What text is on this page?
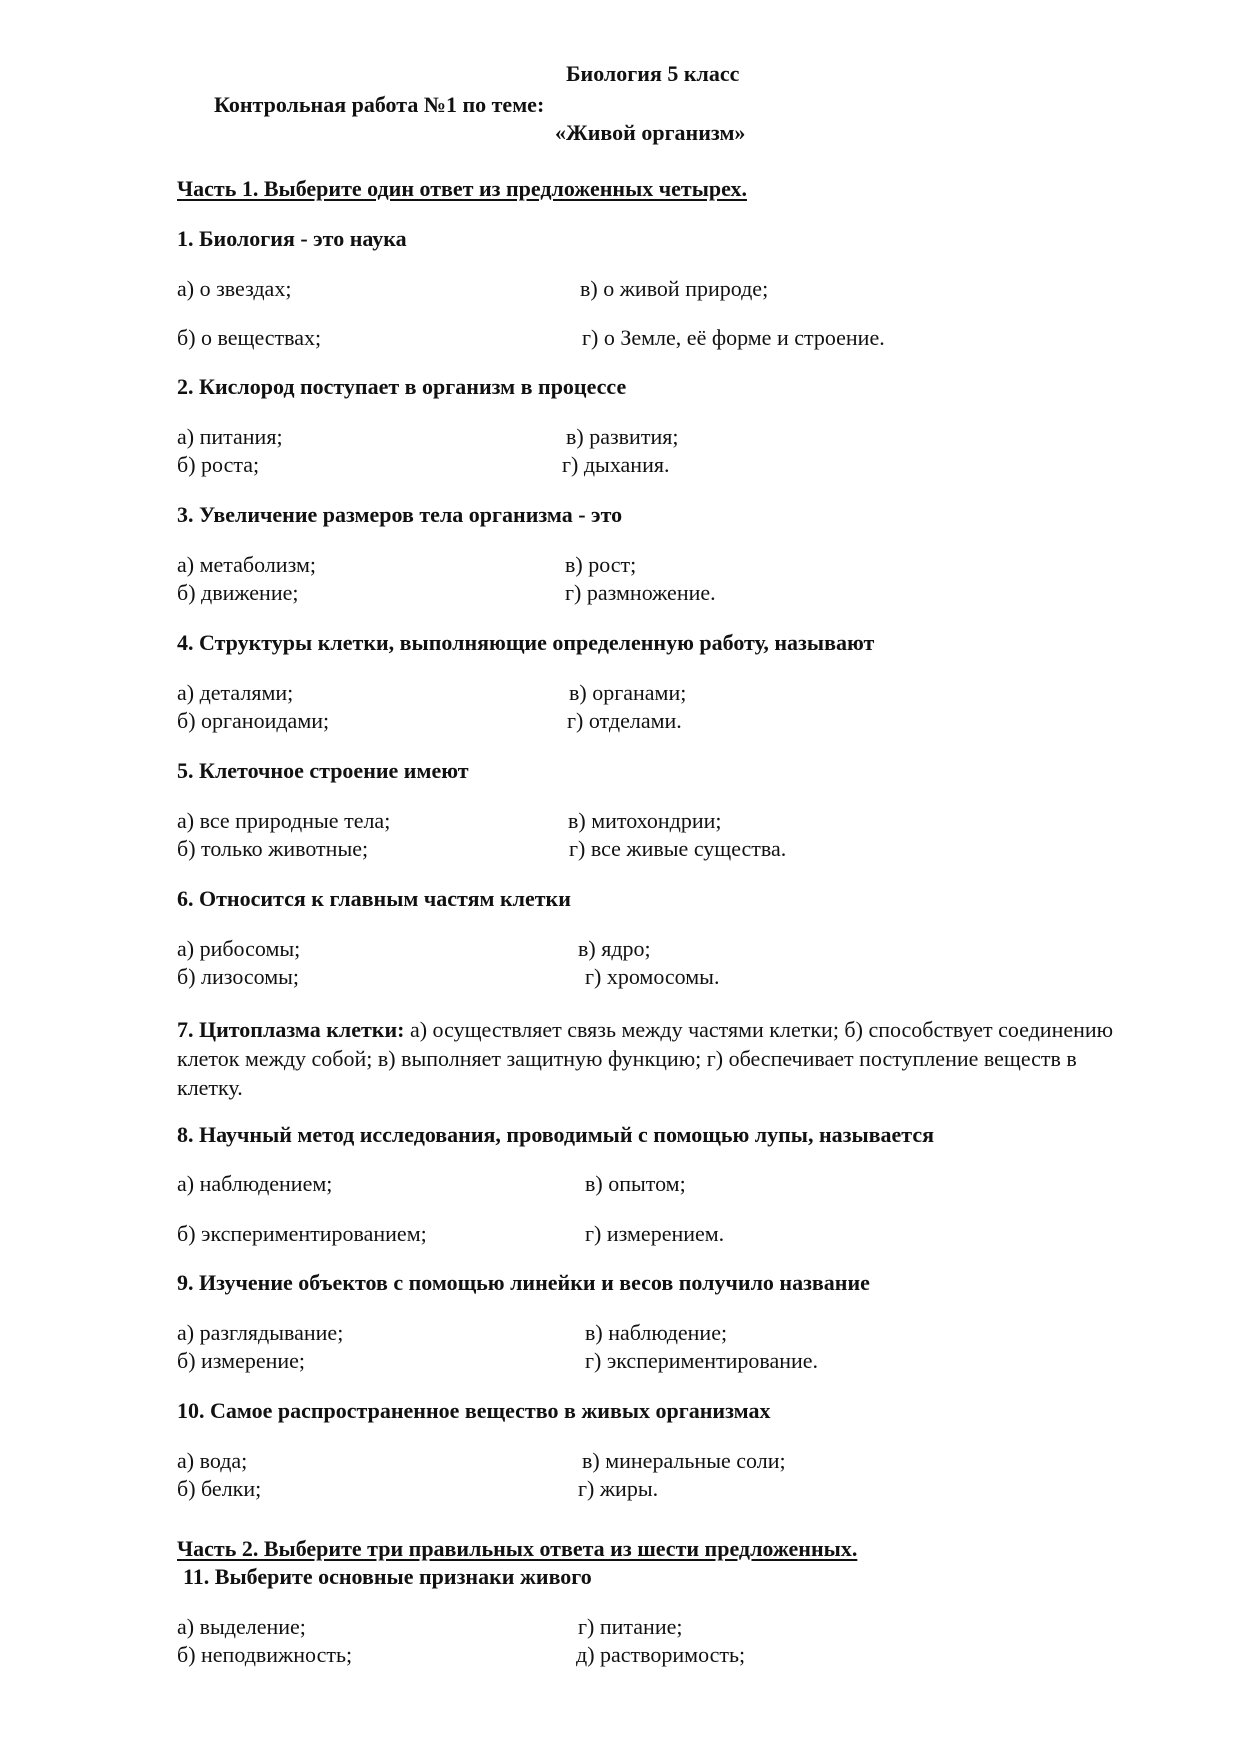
Биология 5 класс
Контрольная работа №1 по теме:
«Живой организм»
Часть 1. Выберите один ответ из предложенных четырех.
1. Биология - это наука
а) о звездах;	в) о живой природе;
б) о веществах;	г) о Земле, её форме и строение.
2. Кислород поступает в организм в процессе
а) питания;	в) развития;
б) роста;	г) дыхания.
3. Увеличение размеров тела организма - это
а) метаболизм;	в) рост;
б) движение;	г) размножение.
4. Структуры клетки, выполняющие определенную работу, называют
а) деталями;	в) органами;
б) органоидами;	г) отделами.
5. Клеточное строение имеют
а) все природные тела;	в) митохондрии;
б) только животные;	г) все живые существа.
6. Относится к главным частям клетки
а) рибосомы;	в) ядро;
б) лизосомы;	г) хромосомы.
7. Цитоплазма клетки: а) осуществляет связь между частями клетки; б) способствует соединению клеток между собой; в) выполняет защитную функцию; г) обеспечивает поступление веществ в клетку.
8. Научный метод исследования, проводимый с помощью лупы, называется
а) наблюдением;	в) опытом;
б) экспериментированием;	г) измерением.
9. Изучение объектов с помощью линейки и весов получило название
а) разглядывание;	в) наблюдение;
б) измерение;	г) экспериментирование.
10. Самое распространенное вещество в живых организмах
а) вода;	в) минеральные соли;
б) белки;	г) жиры.
Часть 2. Выберите три правильных ответа из шести предложенных.
11. Выберите основные признаки живого
а) выделение;	г) питание;
б) неподвижность;	д) растворимость;
